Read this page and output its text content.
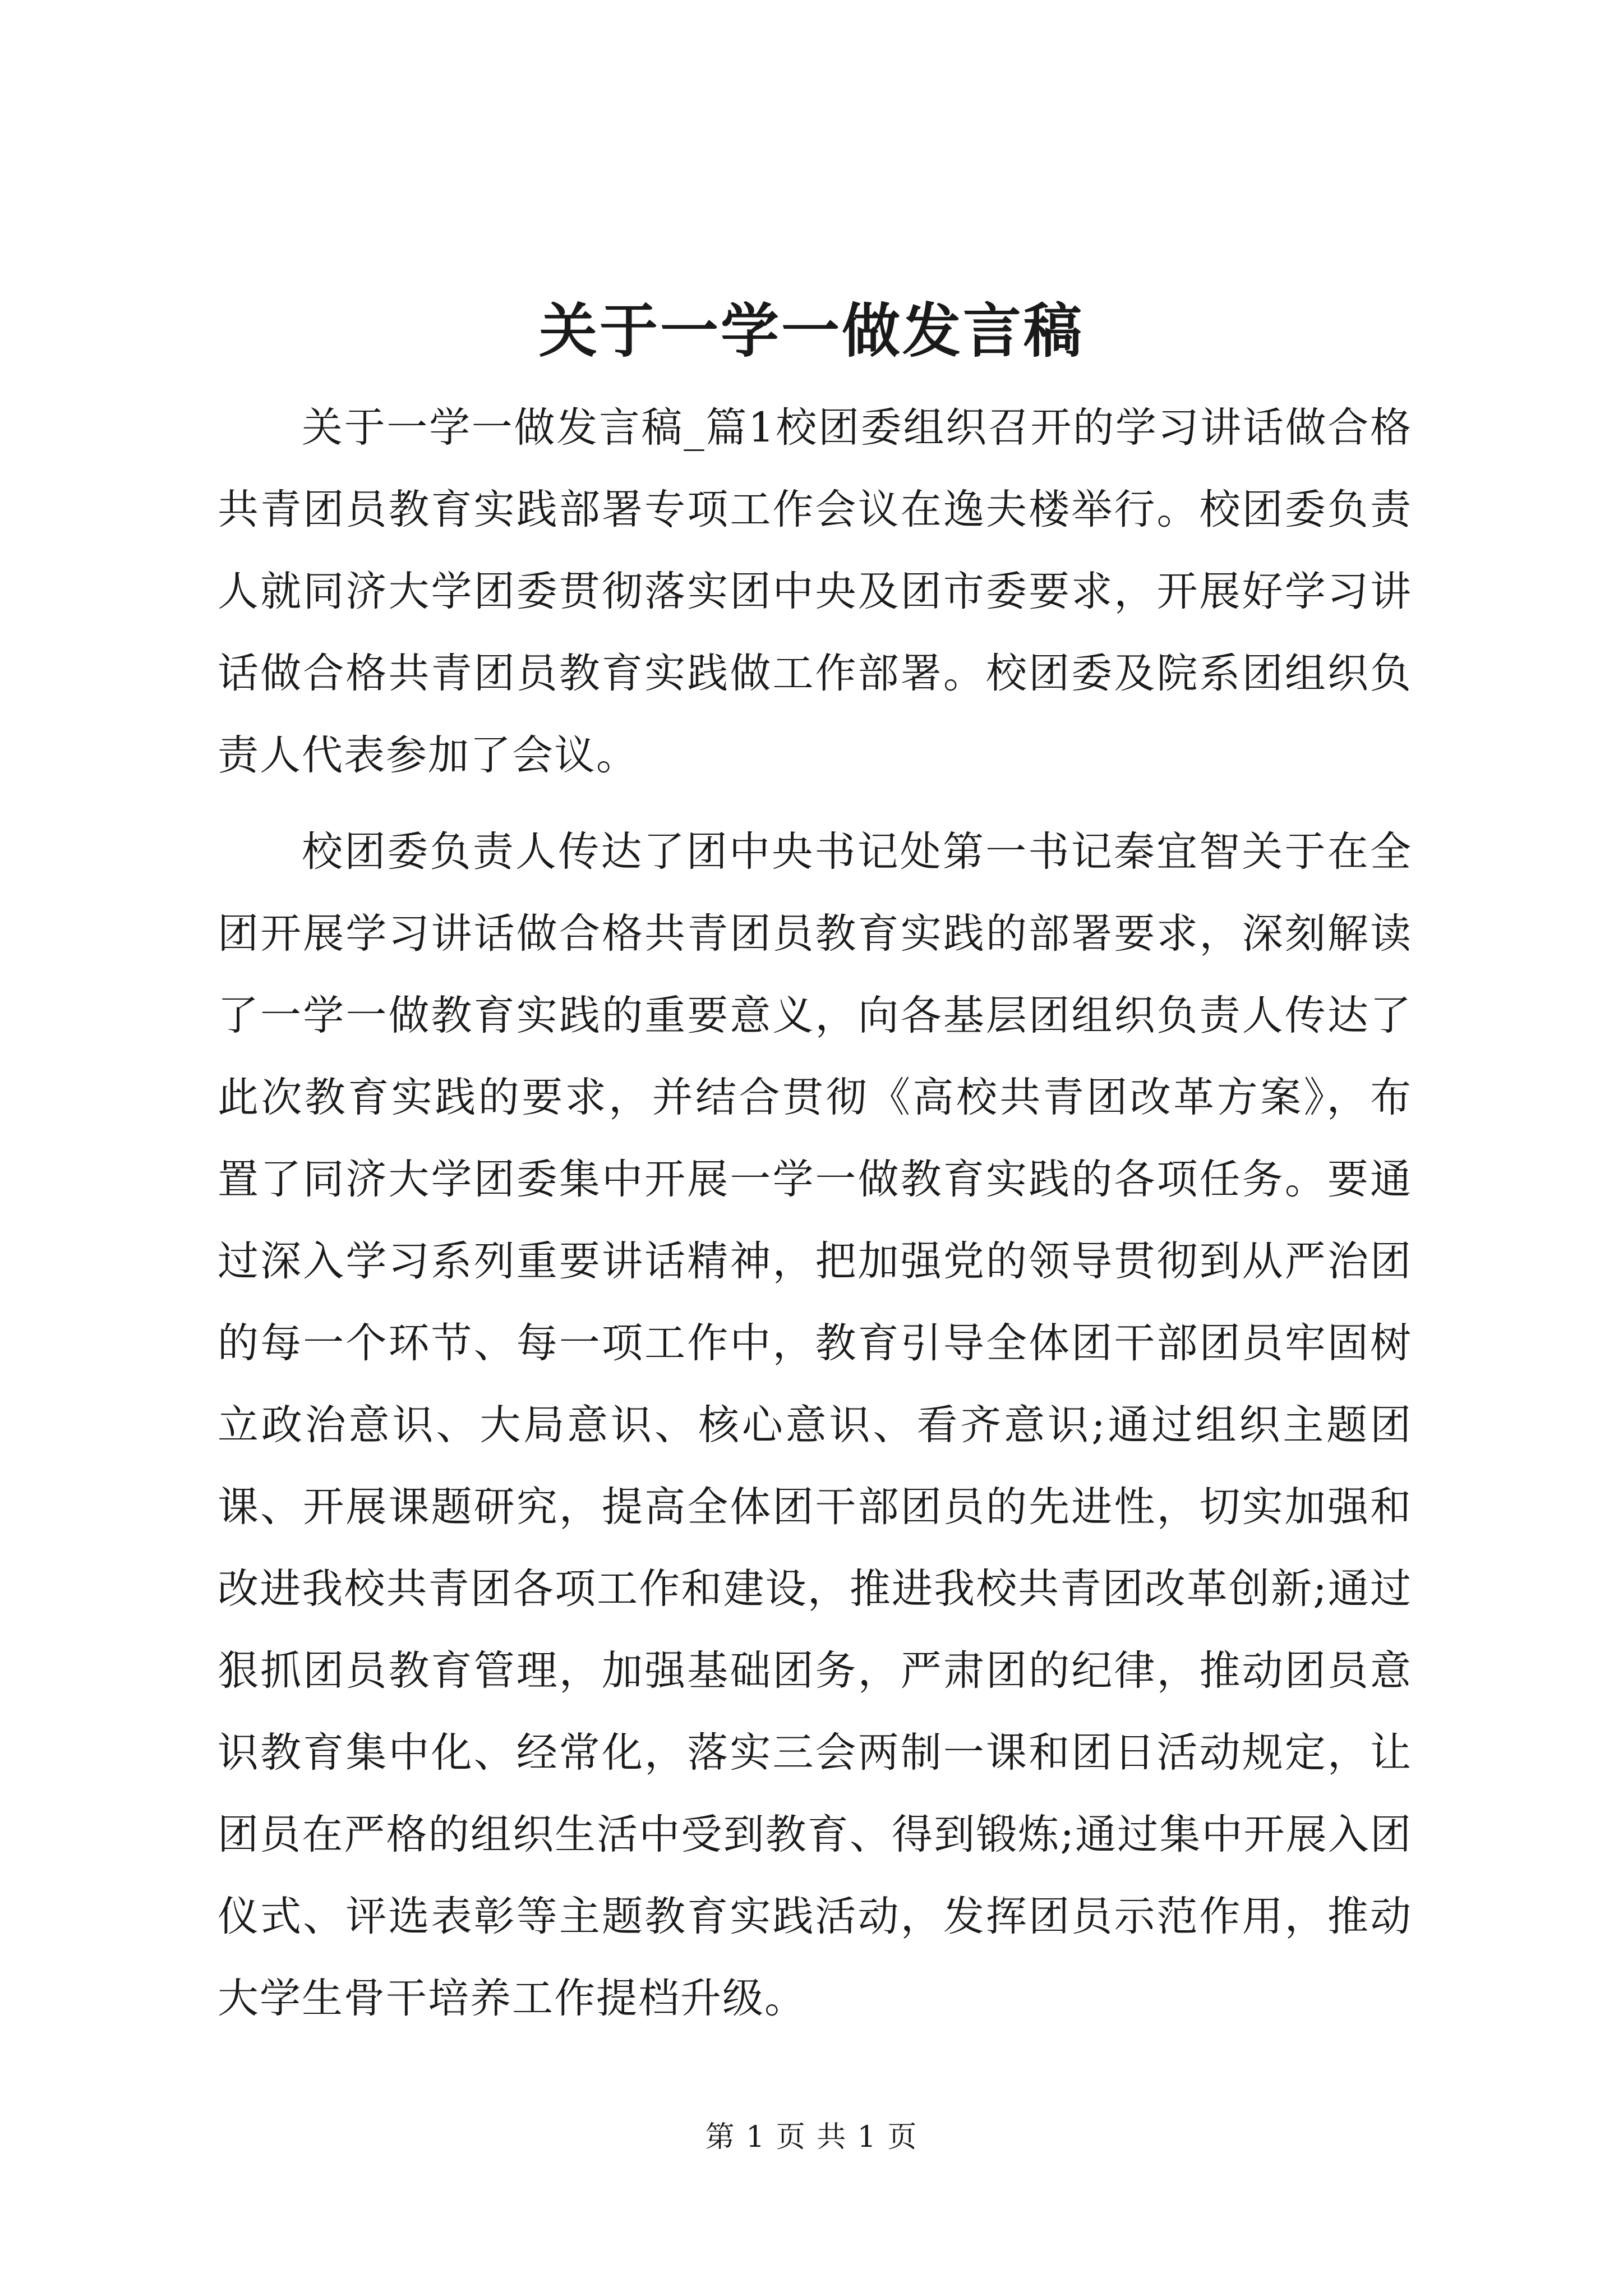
关于一学一做发言稿

关于一学一做发言稿_篇1校团委组织召开的学习讲话做合格共青团员教育实践部署专项工作会议在逸夫楼举行。校团委负责人就同济大学团委贯彻落实团中央及团市委要求，开展好学习讲话做合格共青团员教育实践做工作部署。校团委及院系团组织负责人代表参加了会议。

校团委负责人传达了团中央书记处第一书记秦宜智关于在全团开展学习讲话做合格共青团员教育实践的部署要求，深刻解读了一学一做教育实践的重要意义，向各基层团组织负责人传达了此次教育实践的要求，并结合贯彻《高校共青团改革方案》，布置了同济大学团委集中开展一学一做教育实践的各项任务。要通过深入学习系列重要讲话精神，把加强党的领导贯彻到从严治团的每一个环节、每一项工作中，教育引导全体团干部团员牢固树立政治意识、大局意识、核心意识、看齐意识;通过组织主题团课、开展课题研究，提高全体团干部团员的先进性，切实加强和改进我校共青团各项工作和建设，推进我校共青团改革创新;通过狠抓团员教育管理，加强基础团务，严肃团的纪律，推动团员意识教育集中化、经常化，落实三会两制一课和团日活动规定，让团员在严格的组织生活中受到教育、得到锻炼;通过集中开展入团仪式、评选表彰等主题教育实践活动，发挥团员示范作用，推动大学生骨干培养工作提档升级。

第 1 页 共 1 页
